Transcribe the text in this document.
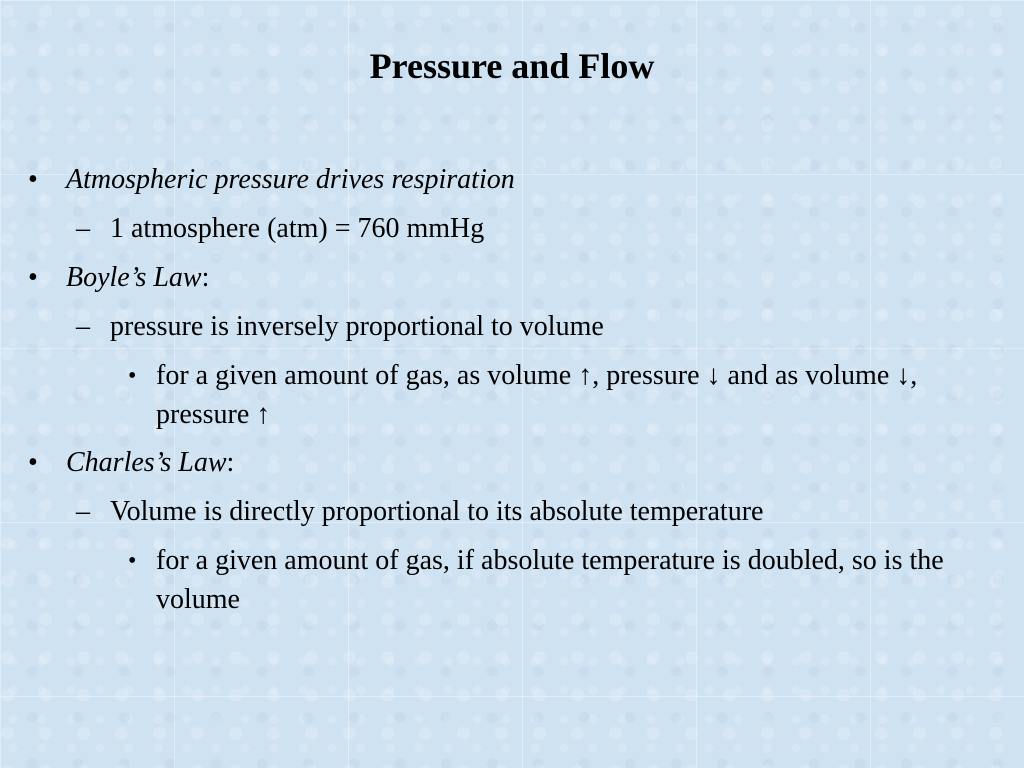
Pressure and Flow
•	Atmospheric pressure drives respiration
– 1 atmosphere (atm) = 760 mmHg
•	Boyle’s Law:
– pressure is inversely proportional to volume
• for a given amount of gas, as volume ↑, pressure ↓ and as volume ↓, pressure ↑
•	Charles’s Law:
– Volume is directly proportional to its absolute temperature
• for a given amount of gas, if absolute temperature is doubled, so is the volume
